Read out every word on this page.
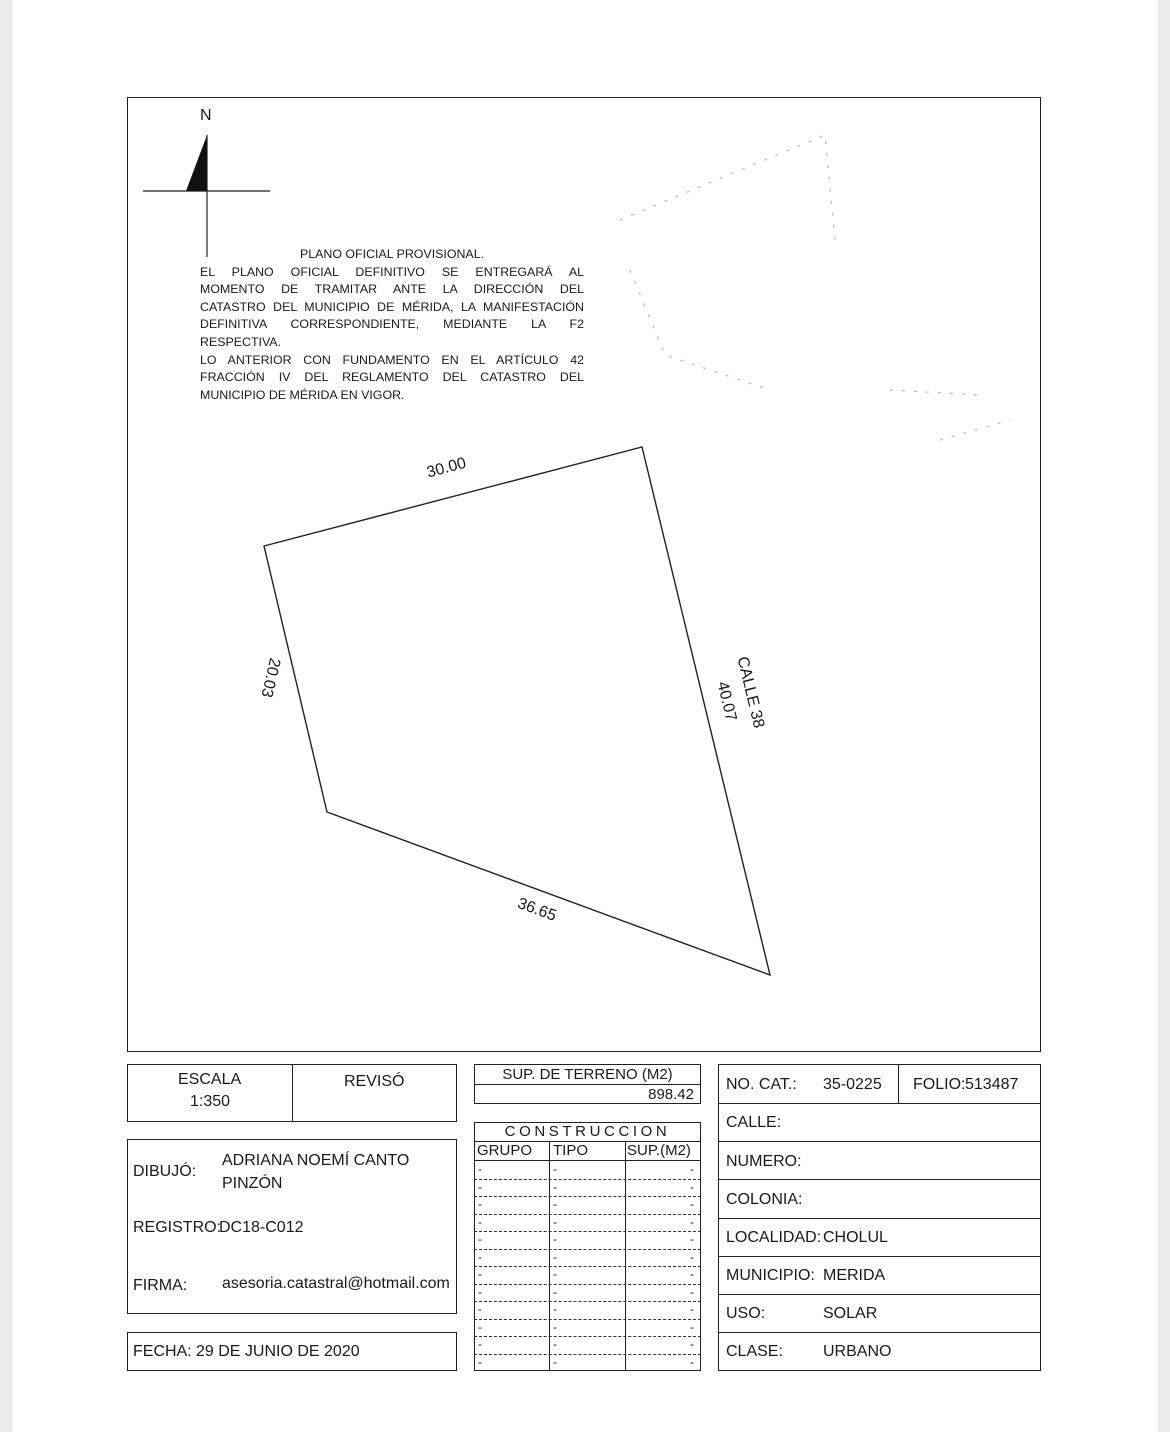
N
PLANO OFICIAL PROVISIONAL.
EL PLANO OFICIAL DEFINITIVO SE ENTREGARÁ AL
MOMENTO DE TRAMITAR ANTE LA DIRECCIÓN DEL
CATASTRO DEL MUNICIPIO DE MÉRIDA, LA MANIFESTACIÓN
DEFINITIVA CORRESPONDIENTE, MEDIANTE LA F2
RESPECTIVA.
LO ANTERIOR CON FUNDAMENTO EN EL ARTÍCULO 42
FRACCIÓN IV DEL REGLAMENTO DEL CATASTRO DEL
MUNICIPIO DE MÉRIDA EN VIGOR.
30.00
20.03	CALLE 38
40.07
36.65
ESCALA
1:350
REVISÓ
DIBUJÓ:
ADRIANA NOEMÍ CANTO
PINZÓN
REGISTRO:
DC18-C012
FIRMA: asesoria.catastral@hotmail.com
FECHA: 29 DE JUNIO DE 2020
SUP. DE TERRENO (M2)
898.42
CONSTRUCCION
GRUPO TIPO	SUP.(M2)
-	-	-
-	-	-
-	-	-
-	-	-
-	-	-
-	-	-
-	-	-
-	-	-
-	-	-
-	-	-
-	-	-
-	-	-
NO. CAT.: 35-0225 FOLIO: 513487
CALLE:
NUMERO:
COLONIA:
LOCALIDAD: CHOLUL
MUNICIPIO: MERIDA
USO:	SOLAR
CLASE:	URBANO
